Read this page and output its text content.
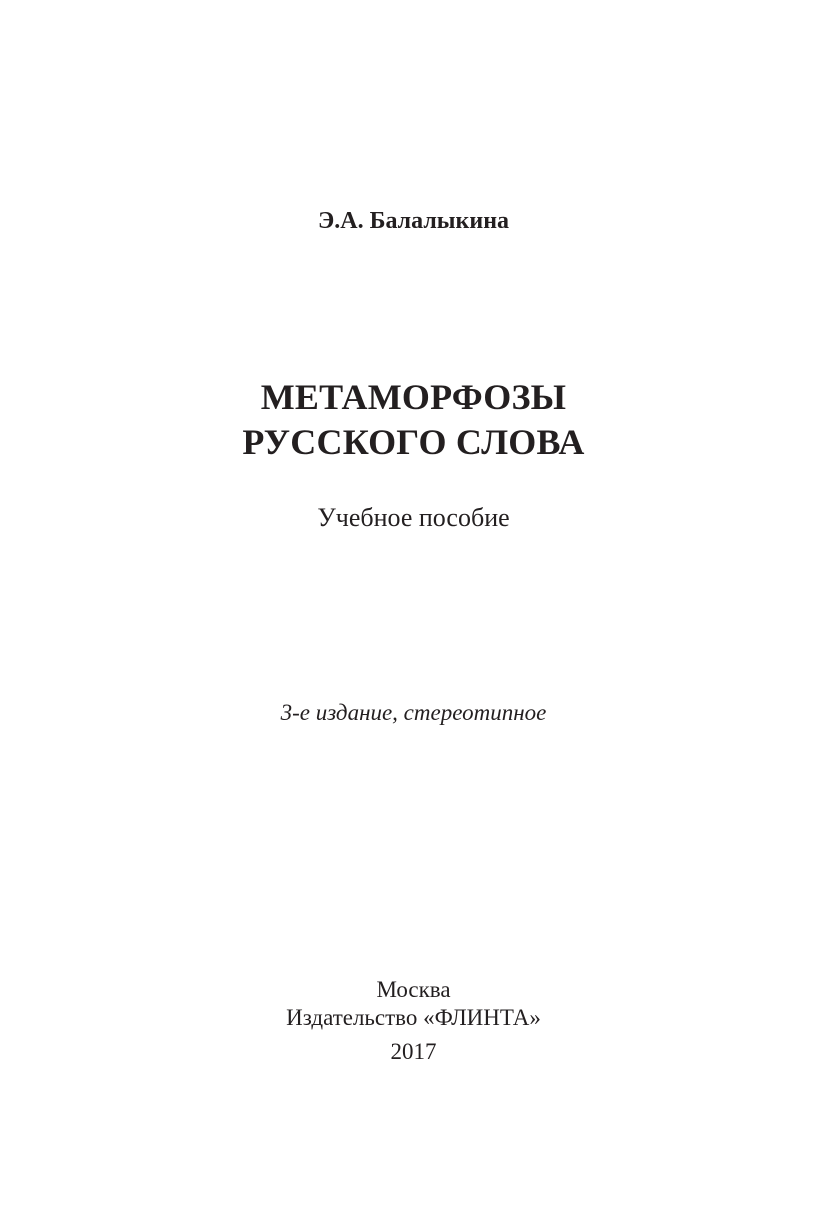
Э.А. Балалыкина
МЕТАМОРФОЗЫ
РУССКОГО СЛОВА
Учебное пособие
3-е издание, стереотипное
Москва
Издательство «ФЛИНТА»
2017
